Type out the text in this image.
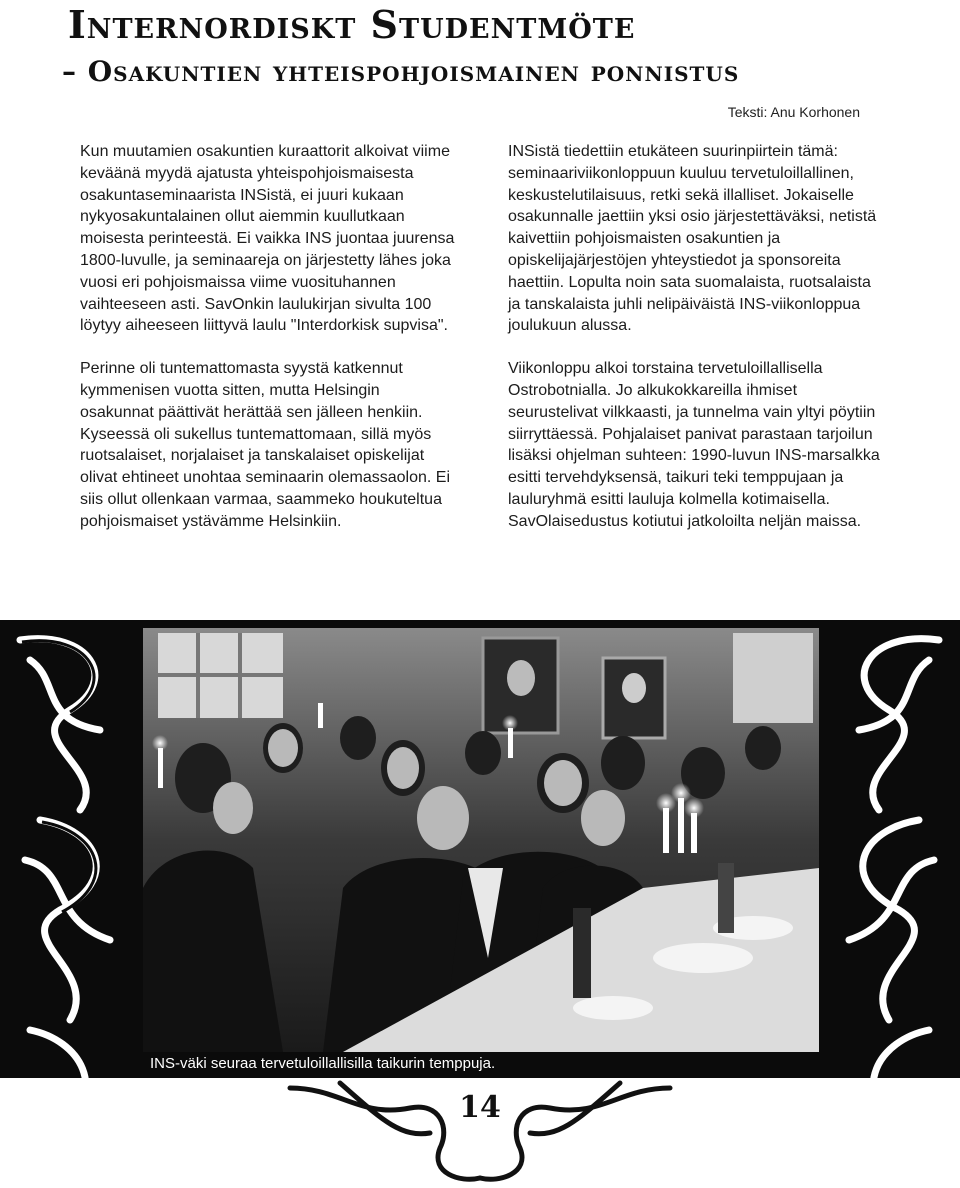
Internordiskt Studentmöte
– Osakuntien yhteispohjoismainen ponnistus
Teksti: Anu Korhonen

Kun muutamien osakuntien kuraattorit alkoivat viime keväänä myydä ajatusta yhteispohjoismaisesta osakuntaseminaarista INSistä, ei juuri kukaan nykyosakuntalainen ollut aiemmin kuullutkaan moisesta perinteestä. Ei vaikka INS juontaa juurensa 1800-luvulle, ja seminaareja on järjestetty lähes joka vuosi eri pohjoismaissa viime vuosituhannen vaihteeseen asti. SavOnkin laulukirjan sivulta 100 löytyy aiheeseen liittyvä laulu "Interdorkisk supvisa".

Perinne oli tuntemattomasta syystä katkennut kymmenisen vuotta sitten, mutta Helsingin osakunnat päättivät herättää sen jälleen henkiin. Kyseessä oli sukellus tuntemattomaan, sillä myös ruotsalaiset, norjalaiset ja tanskalaiset opiskelijat olivat ehtineet unohtaa seminaarin olemassaolon. Ei siis ollut ollenkaan varmaa, saammeko houkuteltua pohjoismaiset ystävämme Helsinkiin.

INSistä tiedettiin etukäteen suurinpiirtein tämä: seminaariviikonloppuun kuuluu tervetuloillallinen, keskustelutilaisuus, retki sekä illalliset. Jokaiselle osakunnalle jaettiin yksi osio järjestettäväksi, netistä kaivettiin pohjoismaisten osakuntien ja opiskelijajärjestöjen yhteystiedot ja sponsoreita haettiin. Lopulta noin sata suomalaista, ruotsalaista ja tanskalaista juhli nelipäiväistä INS-viikonloppua joulukuun alussa.

Viikonloppu alkoi torstaina tervetuloillallisella Ostrobotnialla. Jo alkukokkareilla ihmiset seurustelivat vilkkaasti, ja tunnelma vain yltyi pöytiin siirryttäessä. Pohjalaiset panivat parastaan tarjoilun lisäksi ohjelman suhteen: 1990-luvun INS-marsalkka esitti tervehdyksensä, taikuri teki temppujaan ja lauluryhmä esitti lauluja kolmella kotimaisella. SavOlaisedustus kotiutui jatkoloilta neljän maissa.

INS-väki seuraa tervetuloillallisilla taikurin temppuja.
14
